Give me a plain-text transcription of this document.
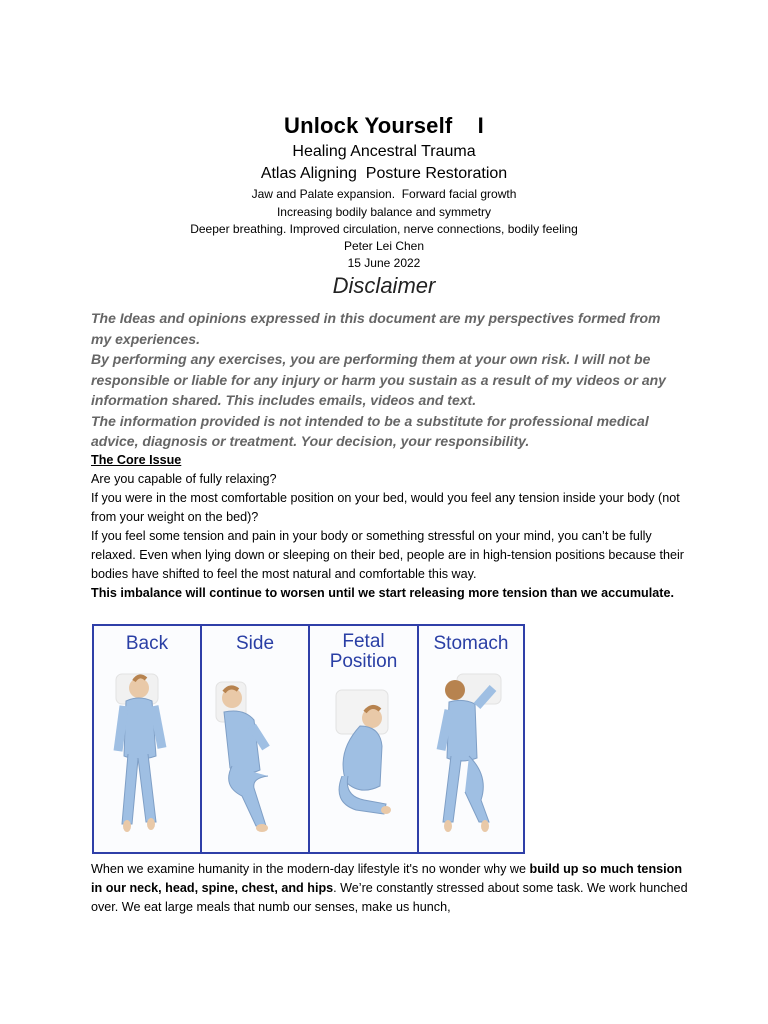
Unlock Yourself    I
Healing Ancestral Trauma
Atlas Aligning  Posture Restoration
Jaw and Palate expansion.  Forward facial growth
Increasing bodily balance and symmetry
Deeper breathing. Improved circulation, nerve connections, bodily feeling
Peter Lei Chen
15 June 2022
Disclaimer

The Ideas and opinions expressed in this document are my perspectives formed from my experiences.

By performing any exercises, you are performing them at your own risk. I will not be responsible or liable for any injury or harm you sustain as a result of my videos or any information shared. This includes emails, videos and text.

The information provided is not intended to be a substitute for professional medical advice, diagnosis or treatment. Your decision, your responsibility.

The Core Issue

Are you capable of fully relaxing?

If you were in the most comfortable position on your bed, would you feel any tension inside your body (not from your weight on the bed)?

If you feel some tension and pain in your body or something stressful on your mind, you can’t be fully relaxed. Even when lying down or sleeping on their bed, people are in high-tension positions because their bodies have shifted to feel the most natural and comfortable this way.

This imbalance will continue to worsen until we start releasing more tension than we accumulate.

Back	Side	Fetal
Position
Stomach

When we examine humanity in the modern-day lifestyle it's no wonder why we build up so much tension in our neck, head, spine, chest, and hips. We’re constantly stressed about some task. We work hunched over. We eat large meals that numb our senses, make us hunch,
